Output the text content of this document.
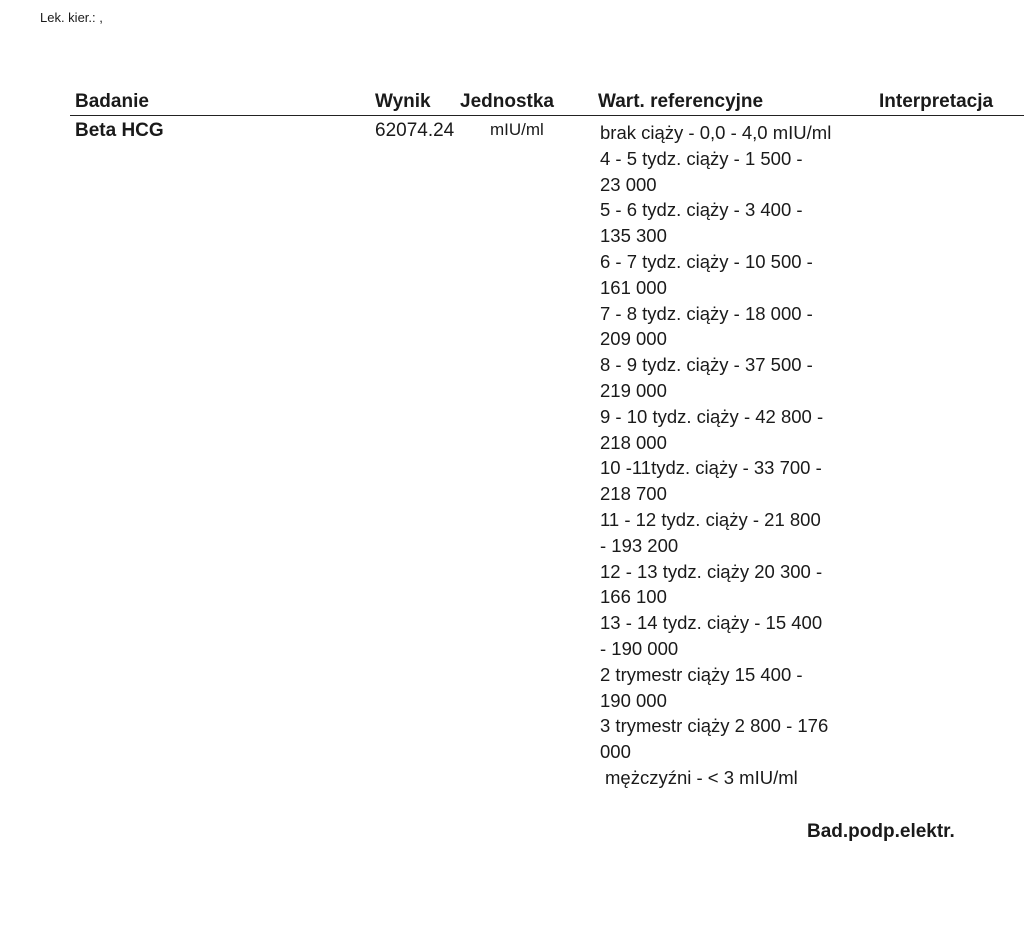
Lek. kier.: ,
Badanie	Wynik Jednostka Wart. referencyjne	Interpretacja
Beta HCG	62074.24 mIU/ml	brak ciąży - 0,0 - 4,0 mIU/ml
4 - 5 tydz. ciąży - 1 500 -
23 000
5 - 6 tydz. ciąży - 3 400 -
135 300
6 - 7 tydz. ciąży - 10 500 -
161 000
7 - 8 tydz. ciąży - 18 000 -
209 000
8 - 9 tydz. ciąży - 37 500 -
219 000
9 - 10 tydz. ciąży - 42 800 -
218 000
10 -11tydz. ciąży - 33 700 -
218 700
11 - 12 tydz. ciąży - 21 800
- 193 200
12 - 13 tydz. ciąży 20 300 -
166 100
13 - 14 tydz. ciąży - 15 400
- 190 000
2 trymestr ciąży 15 400 -
190 000
3 trymestr ciąży 2 800 - 176
000
mężczyźni - < 3 mIU/ml
Bad.podp.elektr.
